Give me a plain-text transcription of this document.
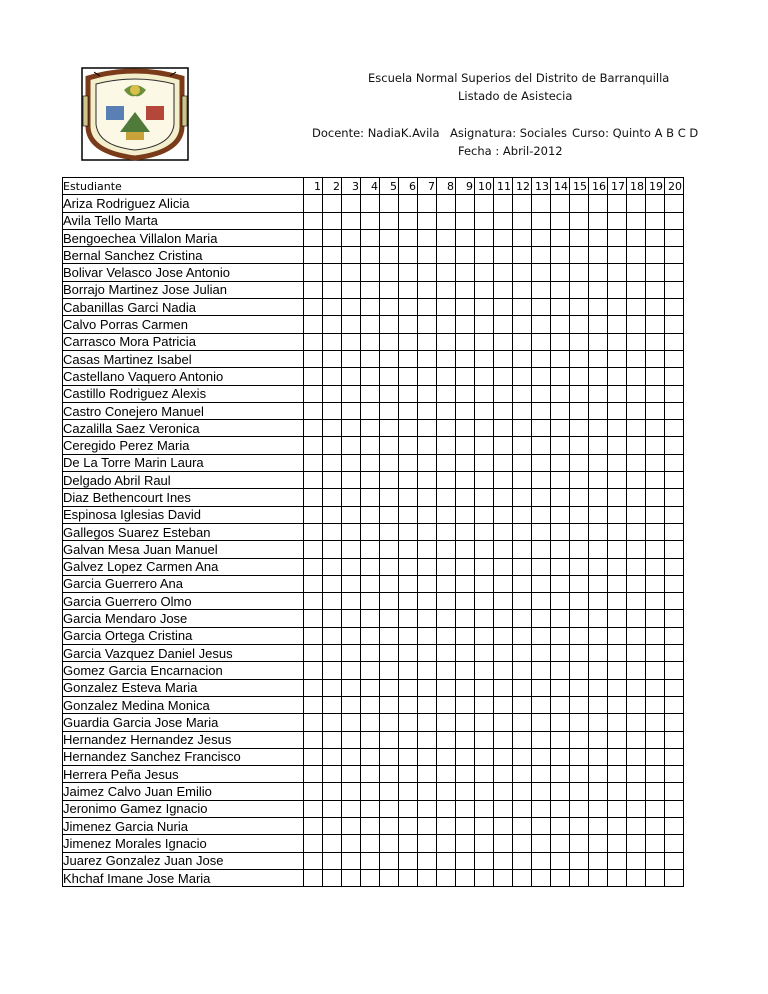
Escuela Normal Superios del Distrito de Barranquilla
Listado de Asistecia
Docente: NadiaK.Avila Asignatura: Sociales Curso: Quinto A B C D
Fecha : Abril-2012
Estudiante	1	2	3	4	5	6	7	8	9	10	11	12	13	14	15	16	17	18	19	20
Ariza Rodriguez Alicia																				
Avila Tello Marta																				
Bengoechea Villalon Maria																				
Bernal Sanchez Cristina																				
Bolivar Velasco Jose Antonio																				
Borrajo Martinez Jose Julian																				
Cabanillas Garci Nadia																				
Calvo Porras Carmen																				
Carrasco Mora Patricia																				
Casas Martinez Isabel																				
Castellano Vaquero Antonio																				
Castillo Rodriguez Alexis																				
Castro Conejero Manuel																				
Cazalilla Saez Veronica																				
Ceregido Perez Maria																				
De La Torre Marin Laura																				
Delgado Abril Raul																				
Diaz Bethencourt Ines																				
Espinosa Iglesias David																				
Gallegos Suarez Esteban																				
Galvan Mesa Juan Manuel																				
Galvez Lopez Carmen Ana																				
Garcia Guerrero Ana																				
Garcia Guerrero Olmo																				
Garcia Mendaro Jose																				
Garcia Ortega Cristina																				
Garcia Vazquez Daniel Jesus																				
Gomez Garcia Encarnacion																				
Gonzalez Esteva Maria																				
Gonzalez Medina Monica																				
Guardia Garcia Jose Maria																				
Hernandez Hernandez Jesus																				
Hernandez Sanchez Francisco																				
Herrera Peña Jesus																				
Jaimez Calvo Juan Emilio																				
Jeronimo Gamez Ignacio																				
Jimenez Garcia Nuria																				
Jimenez Morales Ignacio																				
Juarez Gonzalez Juan Jose																				
Khchaf Imane Jose Maria																				
